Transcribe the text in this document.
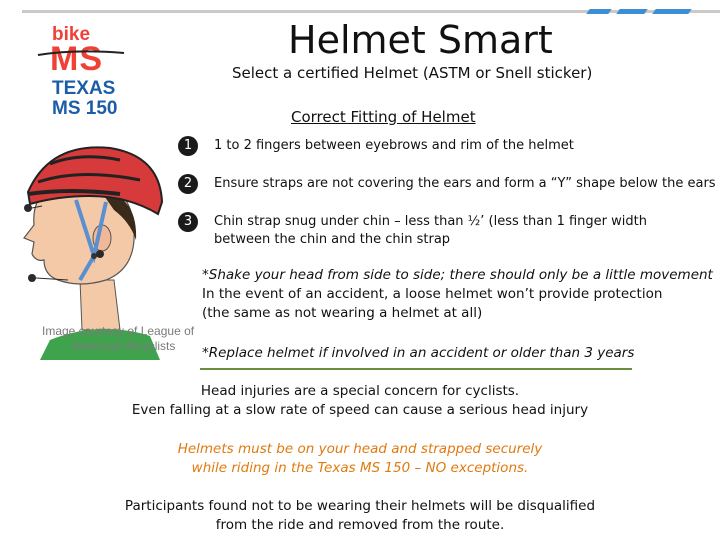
bike
MS
TEXAS
MS 150
Image courtesy of League of
American Bicyclists
Helmet Smart
Select a certified Helmet (ASTM or Snell sticker)
Correct Fitting of Helmet
1	1 to 2 fingers between eyebrows and rim of the helmet
2	Ensure straps are not covering the ears and form a “Y” shape below the ears
3	Chin strap snug under chin – less than ½’ (less than 1 finger width
between the chin and the chin strap
*Shake your head from side to side; there should only be a little movement
In the event of an accident, a loose helmet won’t provide protection
(the same as not wearing a helmet at all)
*Replace helmet if involved in an accident or older than 3 years
Head injuries are a special concern for cyclists.
Even falling at a slow rate of speed can cause a serious head injury
Helmets must be on your head and strapped securely
while riding in the Texas MS 150 – NO exceptions.
Participants found not to be wearing their helmets will be disqualified
from the ride and removed from the route.
